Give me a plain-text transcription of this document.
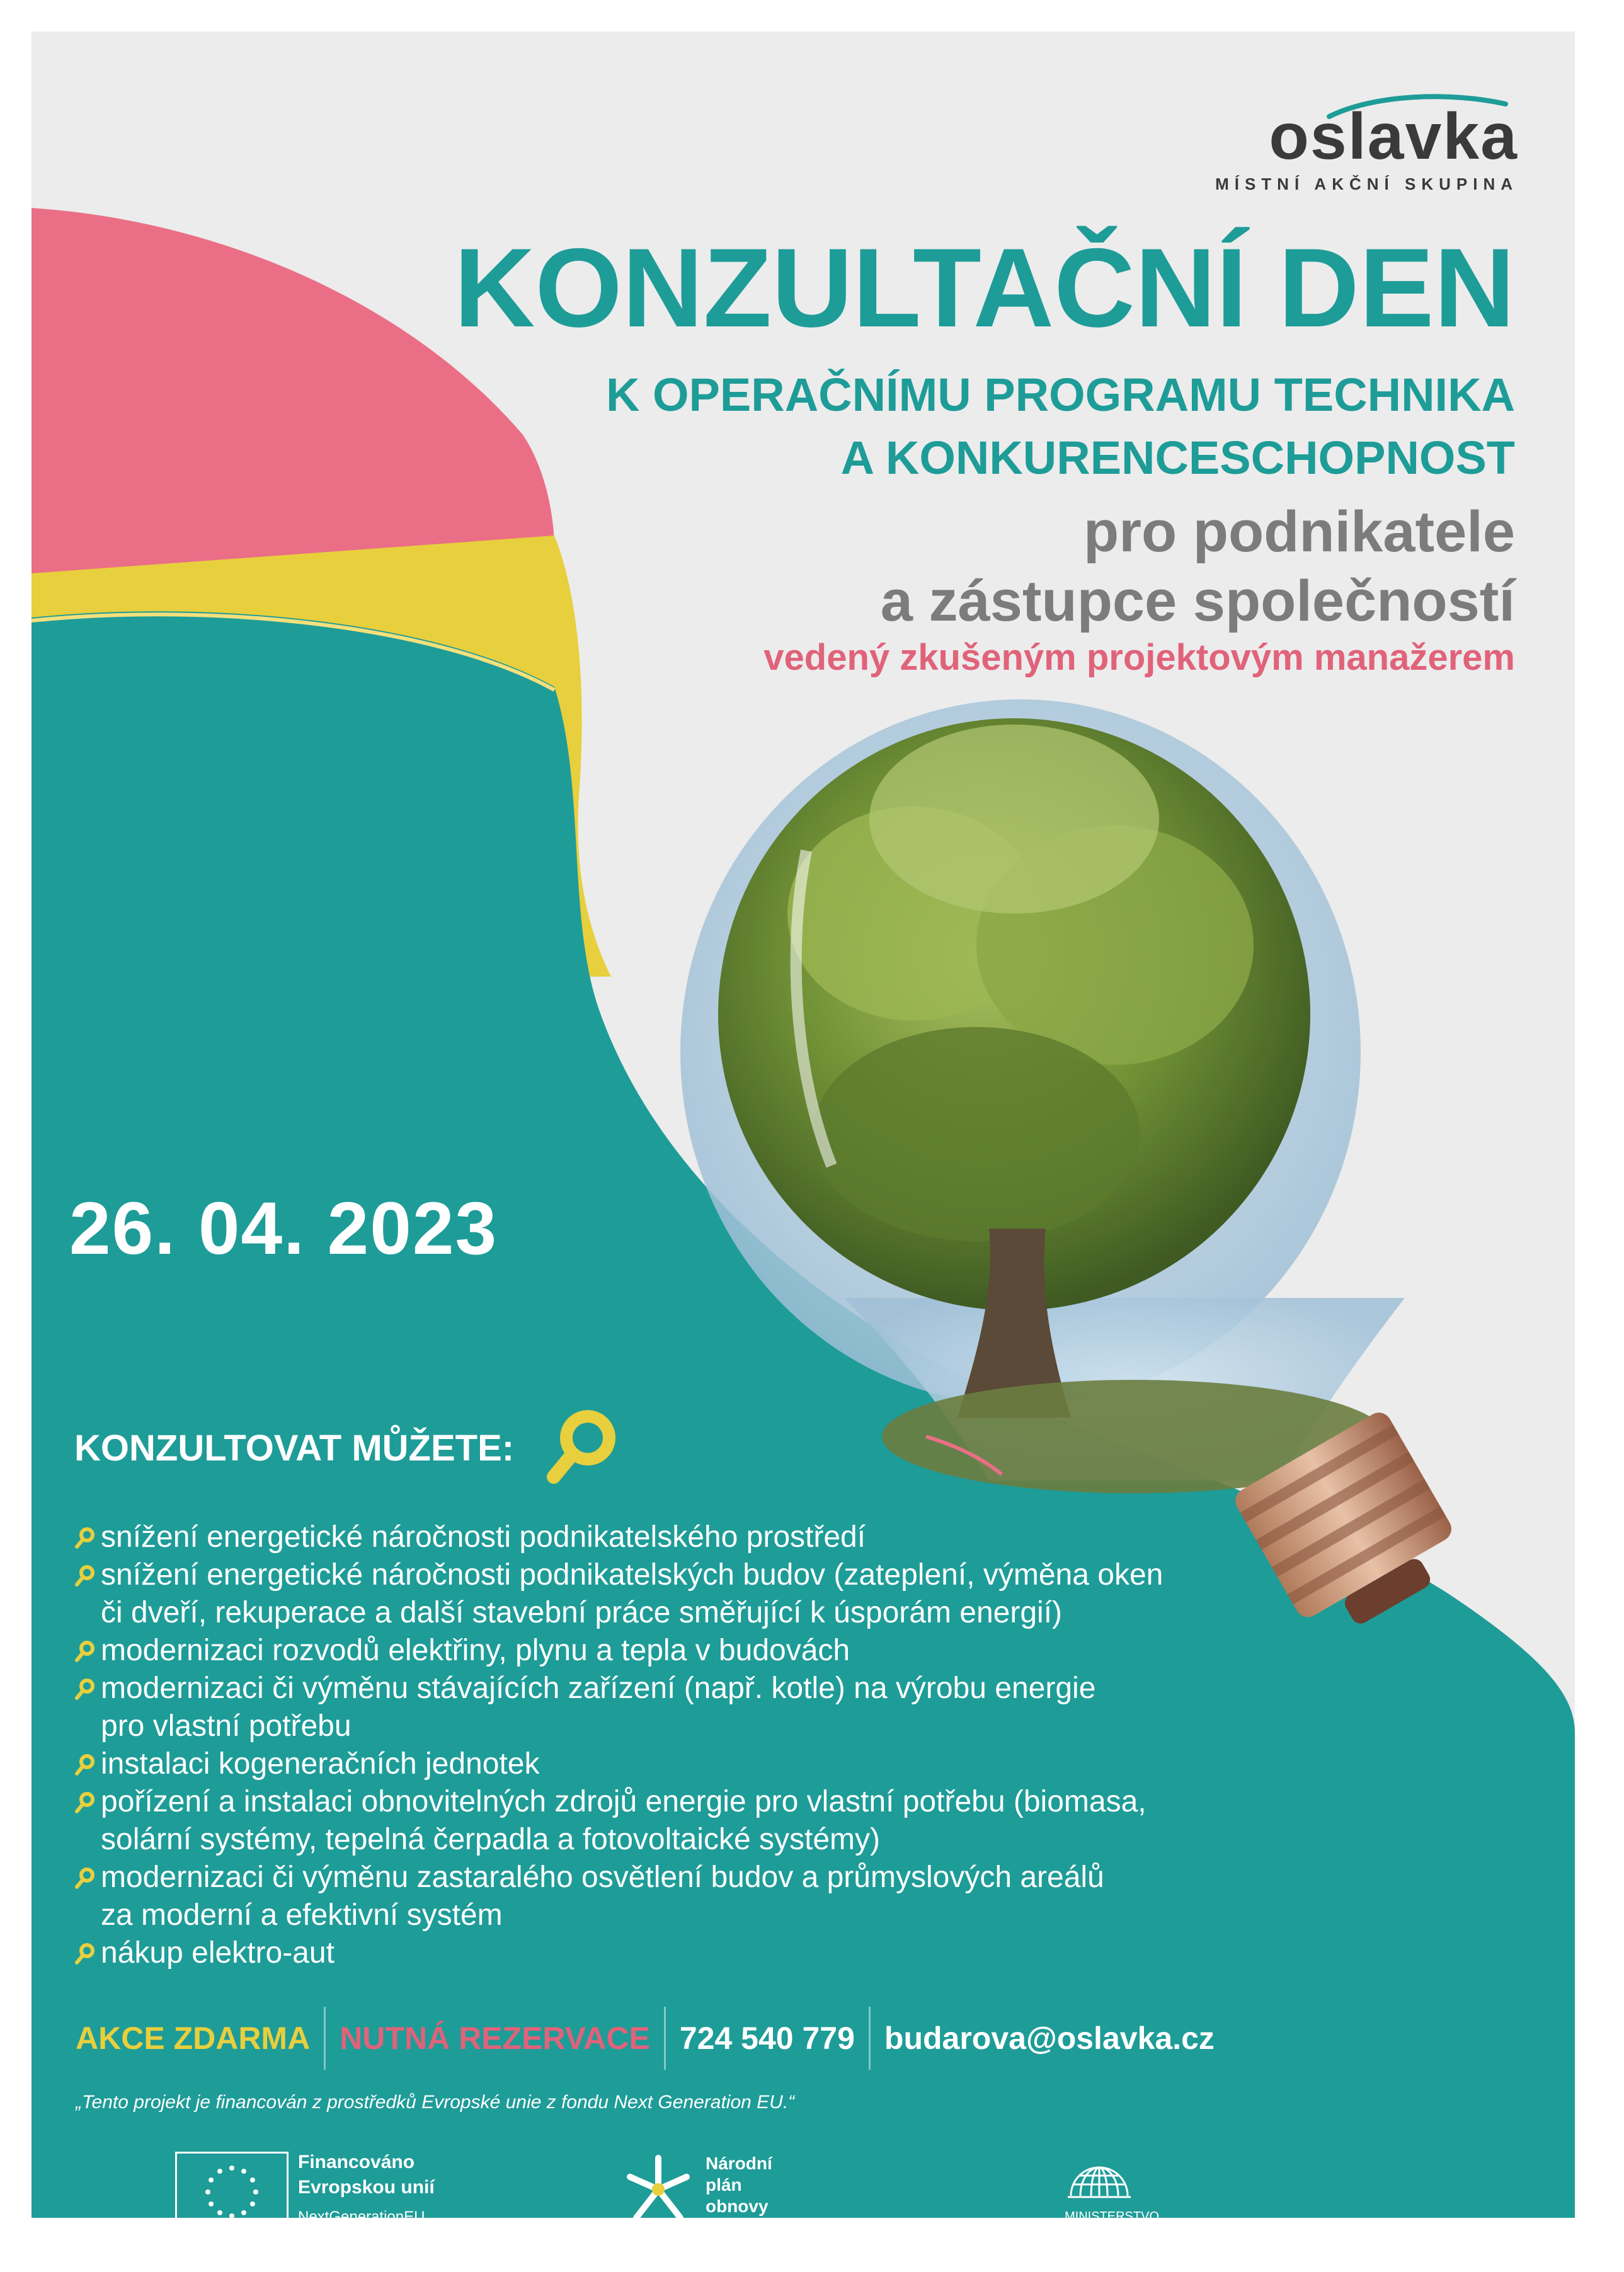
oslavka
MÍSTNÍ AKČNÍ SKUPINA
KONZULTAČNÍ DEN
K OPERAČNÍMU PROGRAMU TECHNIKA
A KONKURENCESCHOPNOST
pro podnikatele
a zástupce společností
vedený zkušeným projektovým manažerem
26. 04. 2023
KONZULTOVAT MŮŽETE:
snížení energetické náročnosti podnikatelského prostředí
snížení energetické náročnosti podnikatelských budov (zateplení, výměna oken
či dveří, rekuperace a další stavební práce směřující k úsporám energií)
modernizaci rozvodů elektřiny, plynu a tepla v budovách
modernizaci či výměnu stávajících zařízení (např. kotle) na výrobu energie
pro vlastní potřebu
instalaci kogeneračních jednotek
pořízení a instalaci obnovitelných zdrojů energie pro vlastní potřebu (biomasa,
solární systémy, tepelná čerpadla a fotovoltaické systémy)
modernizaci či výměnu zastaralého osvětlení budov a průmyslových areálů
za moderní a efektivní systém
nákup elektro-aut
AKCE ZDARMA NUTNÁ REZERVACE 724 540 779 budarova@oslavka.cz
„Tento projekt je financován z prostředků Evropské unie z fondu Next Generation EU.“
Financováno
Evropskou unií
NextGenerationEU
Národní
plán
obnovy
MINISTERSTVO
PRŮMYSLU A OBCHODU
